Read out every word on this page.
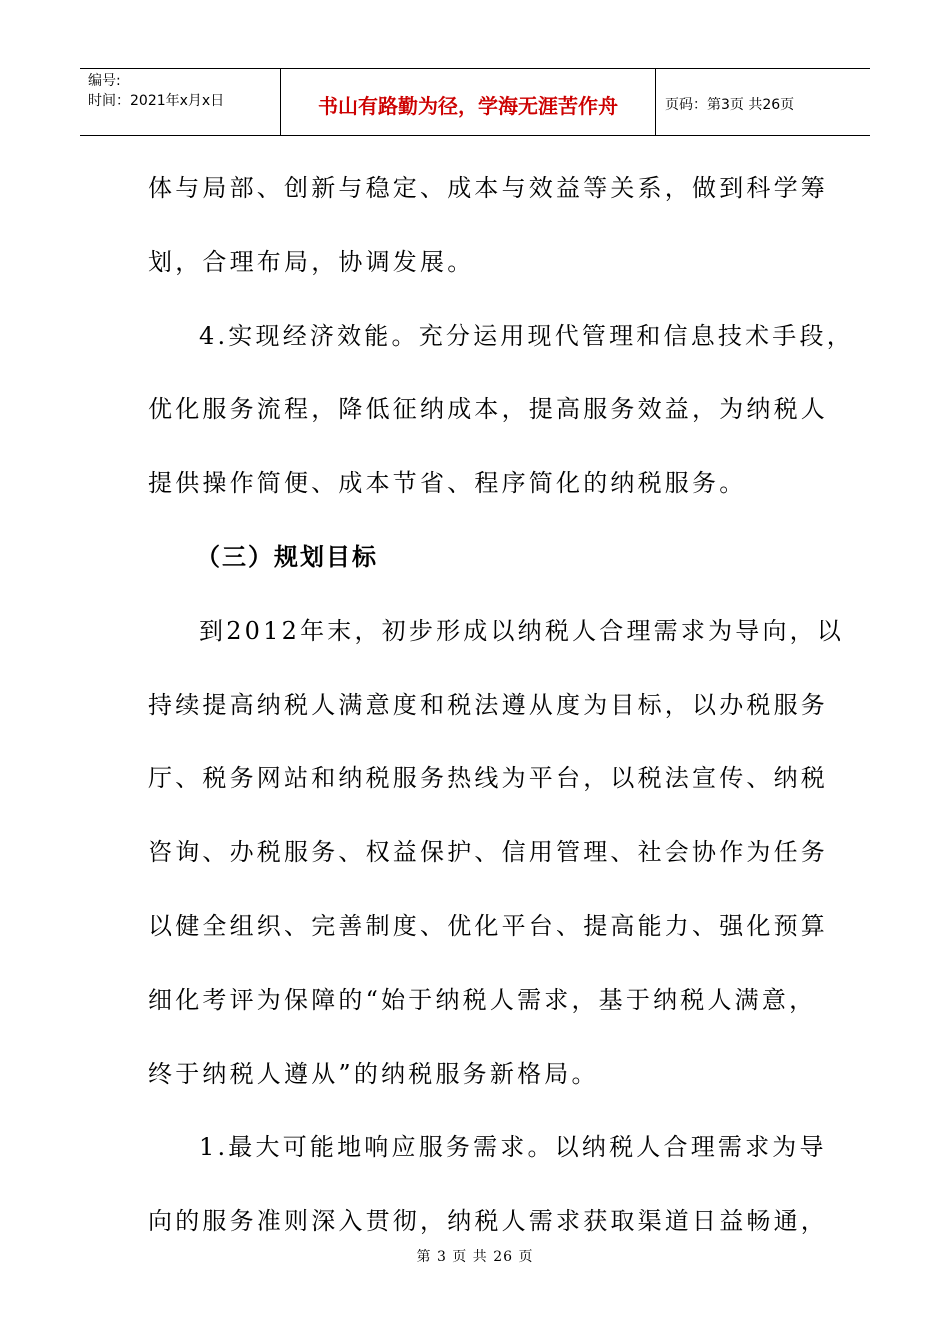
编号:
时间：2021年x月x日	书山有路勤为径，学海无涯苦作舟	页码：第3页 共26页
体与局部、创新与稳定、成本与效益等关系，做到科学筹
划，合理布局，协调发展。
4.实现经济效能。充分运用现代管理和信息技术手段，
优化服务流程，降低征纳成本，提高服务效益，为纳税人
提供操作简便、成本节省、程序简化的纳税服务。
（三）规划目标
到2012年末，初步形成以纳税人合理需求为导向，以
持续提高纳税人满意度和税法遵从度为目标，以办税服务
厅、税务网站和纳税服务热线为平台，以税法宣传、纳税
咨询、办税服务、权益保护、信用管理、社会协作为任务
以健全组织、完善制度、优化平台、提高能力、强化预算
细化考评为保障的“始于纳税人需求，基于纳税人满意，
终于纳税人遵从”的纳税服务新格局。
1.最大可能地响应服务需求。以纳税人合理需求为导
向的服务准则深入贯彻，纳税人需求获取渠道日益畅通，
第 3 页 共 26 页
